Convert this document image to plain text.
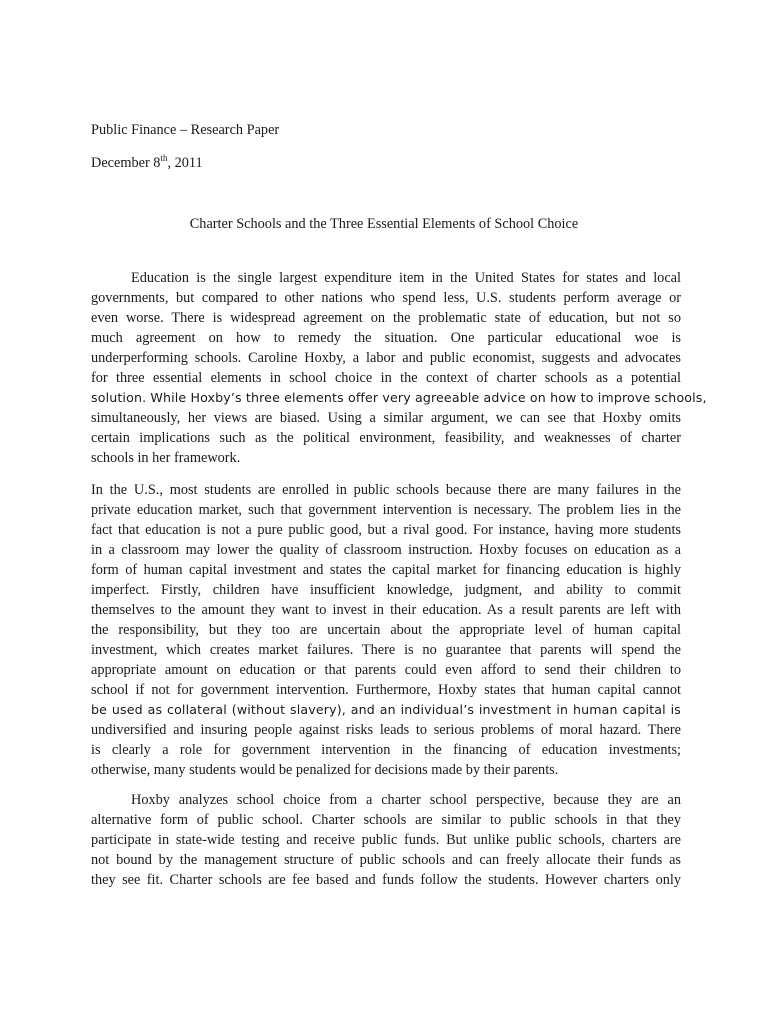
Public Finance – Research Paper
December 8th, 2011
Charter Schools and the Three Essential Elements of School Choice
Education is the single largest expenditure item in the United States for states and local
governments, but compared to other nations who spend less, U.S. students perform average or
even worse. There is widespread agreement on the problematic state of education, but not so
much agreement on how to remedy the situation. One particular educational woe is
underperforming schools. Caroline Hoxby, a labor and public economist, suggests and advocates
for three essential elements in school choice in the context of charter schools as a potential
solution. While Hoxby’s three elements offer very agreeable advice on how to improve schools,
simultaneously, her views are biased. Using a similar argument, we can see that Hoxby omits
certain implications such as the political environment, feasibility, and weaknesses of charter
schools in her framework.
In the U.S., most students are enrolled in public schools because there are many failures in the
private education market, such that government intervention is necessary. The problem lies in the
fact that education is not a pure public good, but a rival good. For instance, having more students
in a classroom may lower the quality of classroom instruction. Hoxby focuses on education as a
form of human capital investment and states the capital market for financing education is highly
imperfect. Firstly, children have insufficient knowledge, judgment, and ability to commit
themselves to the amount they want to invest in their education. As a result parents are left with
the responsibility, but they too are uncertain about the appropriate level of human capital
investment, which creates market failures. There is no guarantee that parents will spend the
appropriate amount on education or that parents could even afford to send their children to
school if not for government intervention. Furthermore, Hoxby states that human capital cannot
be used as collateral (without slavery), and an individual’s investment in human capital is
undiversified and insuring people against risks leads to serious problems of moral hazard. There
is clearly a role for government intervention in the financing of education investments;
otherwise, many students would be penalized for decisions made by their parents.
Hoxby analyzes school choice from a charter school perspective, because they are an
alternative form of public school. Charter schools are similar to public schools in that they
participate in state-wide testing and receive public funds. But unlike public schools, charters are
not bound by the management structure of public schools and can freely allocate their funds as
they see fit. Charter schools are fee based and funds follow the students. However charters only
